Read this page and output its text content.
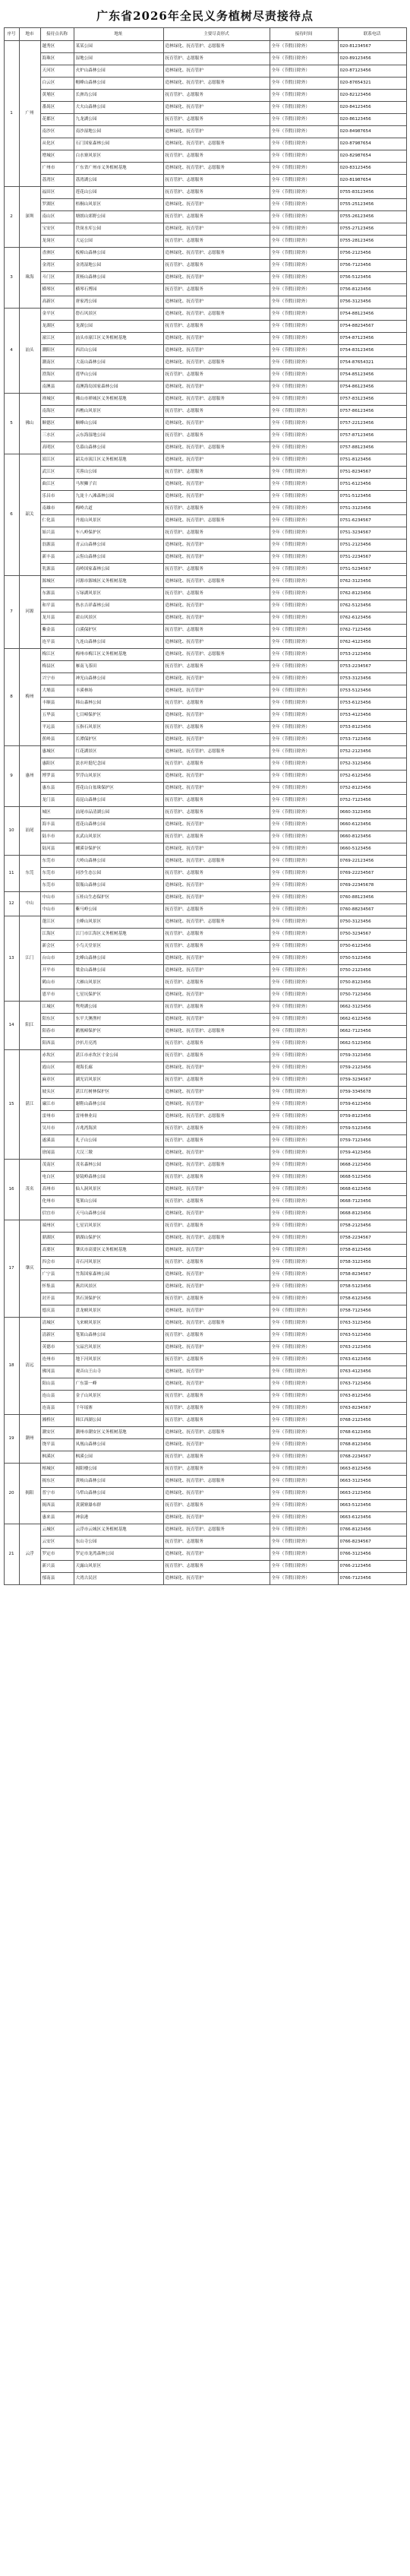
广东省2026年全民义务植树尽责接待点
序号	地市	接待点名称	地址	主要尽责形式	接待时间	联系电话
1	广州	越秀区	某某公园	造林绿化、抚育管护、志愿服务	全年（节假日除外）	020-81234567
		海珠区	湿地公园	抚育管护、志愿服务	全年（节假日除外）	020-89123456
		天河区	火炉山森林公园	造林绿化、抚育管护	全年（节假日除外）	020-87123456
		白云区	帽峰山森林公园	造林绿化、抚育管护、志愿服务	全年（节假日除外）	020-87654321
		黄埔区	长洲岛公园	抚育管护、志愿服务	全年（节假日除外）	020-82123456
		番禺区	大夫山森林公园	造林绿化、抚育管护	全年（节假日除外）	020-84123456
		花都区	九龙湖公园	抚育管护、志愿服务	全年（节假日除外）	020-86123456
		南沙区	南沙湿地公园	造林绿化、抚育管护	全年（节假日除外）	020-84987654
		从化区	石门国家森林公园	造林绿化、抚育管护、志愿服务	全年（节假日除外）	020-87987654
		增城区	白水寨风景区	抚育管护、志愿服务	全年（节假日除外）	020-82987654
		广州市	广东省广州市义务植树基地	造林绿化、抚育管护、志愿服务	全年（节假日除外）	020-83123456
		荔湾区	荔湾湖公园	抚育管护、志愿服务	全年（节假日除外）	020-81987654
2	深圳	福田区	莲花山公园	抚育管护、志愿服务	全年（节假日除外）	0755-83123456
		罗湖区	梧桐山风景区	造林绿化、抚育管护	全年（节假日除外）	0755-25123456
		南山区	塘朗山郊野公园	抚育管护、志愿服务	全年（节假日除外）	0755-26123456
		宝安区	铁岗水库公园	造林绿化、抚育管护	全年（节假日除外）	0755-27123456
		龙岗区	大运公园	抚育管护、志愿服务	全年（节假日除外）	0755-28123456
3	珠海	香洲区	板樟山森林公园	造林绿化、抚育管护、志愿服务	全年（节假日除外）	0756-2123456
		金湾区	金湾湿地公园	抚育管护、志愿服务	全年（节假日除外）	0756-7123456
		斗门区	黄杨山森林公园	造林绿化、抚育管护	全年（节假日除外）	0756-5123456
		横琴区	横琴石博园	抚育管护、志愿服务	全年（节假日除外）	0756-8123456
		高新区	唐家湾公园	造林绿化、抚育管护	全年（节假日除外）	0756-3123456
4	汕头	金平区	礐石风景区	造林绿化、抚育管护、志愿服务	全年（节假日除外）	0754-88123456
		龙湖区	龙湖公园	抚育管护、志愿服务	全年（节假日除外）	0754-88234567
		濠江区	汕头市濠江区义务植树基地	造林绿化、抚育管护	全年（节假日除外）	0754-87123456
		潮阳区	西岩山公园	造林绿化、抚育管护	全年（节假日除外）	0754-83123456
		潮南区	大南山森林公园	造林绿化、抚育管护、志愿服务	全年（节假日除外）	0754-87654321
		澄海区	莲华山公园	抚育管护、志愿服务	全年（节假日除外）	0754-85123456
		南澳县	南澳海岛国家森林公园	造林绿化、抚育管护	全年（节假日除外）	0754-86123456
5	佛山	禅城区	佛山市禅城区义务植树基地	造林绿化、抚育管护、志愿服务	全年（节假日除外）	0757-83123456
		南海区	西樵山风景区	抚育管护、志愿服务	全年（节假日除外）	0757-86123456
		顺德区	顺峰山公园	造林绿化、抚育管护	全年（节假日除外）	0757-22123456
		三水区	云东海湿地公园	抚育管护、志愿服务	全年（节假日除外）	0757-87123456
		高明区	皂幕山森林公园	造林绿化、抚育管护、志愿服务	全年（节假日除外）	0757-88123456
6	韶关	浈江区	韶关市浈江区义务植树基地	造林绿化、抚育管护	全年（节假日除外）	0751-8123456
		武江区	芙蓉山公园	抚育管护、志愿服务	全年（节假日除外）	0751-8234567
		曲江区	马坝狮子岩	造林绿化、抚育管护	全年（节假日除外）	0751-6123456
		乐昌市	九泷十八滩森林公园	造林绿化、抚育管护	全年（节假日除外）	0751-5123456
		南雄市	梅岭古道	抚育管护、志愿服务	全年（节假日除外）	0751-3123456
		仁化县	丹霞山风景区	造林绿化、抚育管护、志愿服务	全年（节假日除外）	0751-6234567
		始兴县	车八岭保护区	抚育管护、志愿服务	全年（节假日除外）	0751-3234567
		翁源县	青云山森林公园	造林绿化、抚育管护	全年（节假日除外）	0751-2123456
		新丰县	云髻山森林公园	造林绿化、抚育管护	全年（节假日除外）	0751-2234567
		乳源县	南岭国家森林公园	抚育管护、志愿服务	全年（节假日除外）	0751-5234567
7	河源	源城区	河源市源城区义务植树基地	造林绿化、抚育管护、志愿服务	全年（节假日除外）	0762-3123456
		东源县	万绿湖风景区	抚育管护、志愿服务	全年（节假日除外）	0762-8123456
		和平县	热水吉祥森林公园	造林绿化、抚育管护	全年（节假日除外）	0762-5123456
		龙川县	霍山风景区	造林绿化、抚育管护	全年（节假日除外）	0762-6123456
		紫金县	白溪保护区	抚育管护、志愿服务	全年（节假日除外）	0762-7123456
		连平县	九连山森林公园	造林绿化、抚育管护	全年（节假日除外）	0762-4123456
8	梅州	梅江区	梅州市梅江区义务植树基地	造林绿化、抚育管护、志愿服务	全年（节假日除外）	0753-2123456
		梅县区	雁南飞茶田	抚育管护、志愿服务	全年（节假日除外）	0753-2234567
		兴宁市	神光山森林公园	造林绿化、抚育管护	全年（节假日除外）	0753-3123456
		大埔县	丰溪林场	造林绿化、抚育管护	全年（节假日除外）	0753-5123456
		丰顺县	韩山森林公园	抚育管护、志愿服务	全年（节假日除外）	0753-6123456
		五华县	七目嶂保护区	造林绿化、抚育管护	全年（节假日除外）	0753-4123456
		平远县	五指石风景区	抚育管护、志愿服务	全年（节假日除外）	0753-8123456
		蕉岭县	长潭保护区	造林绿化、抚育管护	全年（节假日除外）	0753-7123456
9	惠州	惠城区	红花湖景区	造林绿化、抚育管护、志愿服务	全年（节假日除外）	0752-2123456
		惠阳区	淡水叶挺纪念园	抚育管护、志愿服务	全年（节假日除外）	0752-3123456
		博罗县	罗浮山风景区	造林绿化、抚育管护	全年（节假日除外）	0752-6123456
		惠东县	莲花山白盆珠保护区	造林绿化、抚育管护	全年（节假日除外）	0752-8123456
		龙门县	南昆山森林公园	抚育管护、志愿服务	全年（节假日除外）	0752-7123456
10	汕尾	城区	汕尾市品清湖公园	抚育管护、志愿服务	全年（节假日除外）	0660-3123456
		海丰县	莲花山森林公园	造林绿化、抚育管护	全年（节假日除外）	0660-6123456
		陆丰市	玄武山风景区	抚育管护、志愿服务	全年（节假日除外）	0660-8123456
		陆河县	螺溪谷保护区	造林绿化、抚育管护	全年（节假日除外）	0660-5123456
11	东莞	东莞市	大岭山森林公园	造林绿化、抚育管护、志愿服务	全年（节假日除外）	0769-22123456
		东莞市	同沙生态公园	抚育管护、志愿服务	全年（节假日除外）	0769-22234567
		东莞市	银瓶山森林公园	造林绿化、抚育管护	全年（节假日除外）	0769-22345678
12	中山	中山市	五桂山生态保护区	造林绿化、抚育管护	全年（节假日除外）	0760-88123456
		中山市	紫马岭公园	抚育管护、志愿服务	全年（节假日除外）	0760-88234567
13	江门	蓬江区	圭峰山风景区	造林绿化、抚育管护、志愿服务	全年（节假日除外）	0750-3123456
		江海区	江门市江海区义务植树基地	抚育管护、志愿服务	全年（节假日除外）	0750-3234567
		新会区	小鸟天堂景区	抚育管护、志愿服务	全年（节假日除外）	0750-6123456
		台山市	北峰山森林公园	造林绿化、抚育管护	全年（节假日除外）	0750-5123456
		开平市	梁金山森林公园	造林绿化、抚育管护	全年（节假日除外）	0750-2123456
		鹤山市	大雁山风景区	抚育管护、志愿服务	全年（节假日除外）	0750-8123456
		恩平市	七星坑保护区	造林绿化、抚育管护	全年（节假日除外）	0750-7123456
14	阳江	江城区	鸳鸯湖公园	抚育管护、志愿服务	全年（节假日除外）	0662-3123456
		阳东区	东平大澳渔村	造林绿化、抚育管护	全年（节假日除外）	0662-6123456
		阳春市	鹅凰嶂保护区	造林绿化、抚育管护、志愿服务	全年（节假日除外）	0662-7123456
		阳西县	沙扒月亮湾	抚育管护、志愿服务	全年（节假日除外）	0662-5123456
15	湛江	赤坎区	湛江市赤坎区寸金公园	抚育管护、志愿服务	全年（节假日除外）	0759-3123456
		霞山区	观海长廊	造林绿化、抚育管护	全年（节假日除外）	0759-2123456
		麻章区	湖光岩风景区	抚育管护、志愿服务	全年（节假日除外）	0759-3234567
		坡头区	湛江红树林保护区	造林绿化、抚育管护	全年（节假日除外）	0759-3345678
		廉江市	谢鞋山森林公园	造林绿化、抚育管护	全年（节假日除外）	0759-6123456
		雷州市	雷州林业局	造林绿化、抚育管护、志愿服务	全年（节假日除外）	0759-8123456
		吴川市	吉兆湾海滨	抚育管护、志愿服务	全年（节假日除外）	0759-5123456
		遂溪县	孔子山公园	抚育管护、志愿服务	全年（节假日除外）	0759-7123456
		徐闻县	大汉三墩	造林绿化、抚育管护	全年（节假日除外）	0759-4123456
16	茂名	茂南区	茂名森林公园	造林绿化、抚育管护、志愿服务	全年（节假日除外）	0668-2123456
		电白区	晏镜岭森林公园	抚育管护、志愿服务	全年（节假日除外）	0668-5123456
		高州市	仙人洞风景区	造林绿化、抚育管护	全年（节假日除外）	0668-6123456
		化州市	笔架山公园	抚育管护、志愿服务	全年（节假日除外）	0668-7123456
		信宜市	天马山森林公园	造林绿化、抚育管护	全年（节假日除外）	0668-8123456
17	肇庆	端州区	七星岩风景区	抚育管护、志愿服务	全年（节假日除外）	0758-2123456
		鼎湖区	鼎湖山保护区	造林绿化、抚育管护、志愿服务	全年（节假日除外）	0758-2234567
		高要区	肇庆市高要区义务植树基地	造林绿化、抚育管护	全年（节假日除外）	0758-8123456
		四会市	奇石河风景区	抚育管护、志愿服务	全年（节假日除外）	0758-3123456
		广宁县	竹海国家森林公园	造林绿化、抚育管护	全年（节假日除外）	0758-8234567
		怀集县	燕岩风景区	造林绿化、抚育管护	全年（节假日除外）	0758-5123456
		封开县	黑石顶保护区	抚育管护、志愿服务	全年（节假日除外）	0758-6123456
		德庆县	盘龙峡风景区	造林绿化、抚育管护	全年（节假日除外）	0758-7123456
18	清远	清城区	飞来峡风景区	造林绿化、抚育管护、志愿服务	全年（节假日除外）	0763-3123456
		清新区	笔架山森林公园	抚育管护、志愿服务	全年（节假日除外）	0763-5123456
		英德市	宝晶宫风景区	造林绿化、抚育管护	全年（节假日除外）	0763-2123456
		连州市	地下河风景区	抚育管护、志愿服务	全年（节假日除外）	0763-6123456
		佛冈县	观音山王山寺	造林绿化、抚育管护	全年（节假日除外）	0763-4123456
		阳山县	广东第一峰	造林绿化、抚育管护	全年（节假日除外）	0763-7123456
		连山县	金子山风景区	抚育管护、志愿服务	全年（节假日除外）	0763-8123456
		连南县	千年瑶寨	抚育管护、志愿服务	全年（节假日除外）	0763-8234567
19	潮州	湘桥区	韩江西湖公园	抚育管护、志愿服务	全年（节假日除外）	0768-2123456
		潮安区	潮州市潮安区义务植树基地	造林绿化、抚育管护、志愿服务	全年（节假日除外）	0768-6123456
		饶平县	凤凰山森林公园	造林绿化、抚育管护	全年（节假日除外）	0768-8123456
		枫溪区	枫溪公园	抚育管护、志愿服务	全年（节假日除外）	0768-2234567
20	揭阳	榕城区	揭阳楼公园	抚育管护、志愿服务	全年（节假日除外）	0663-8123456
		揭东区	黄岐山森林公园	造林绿化、抚育管护、志愿服务	全年（节假日除外）	0663-3123456
		普宁市	乌犁山森林公园	造林绿化、抚育管护	全年（节假日除外）	0663-2123456
		揭西县	黄满寨瀑布群	抚育管护、志愿服务	全年（节假日除外）	0663-5123456
		惠来县	神泉港	造林绿化、抚育管护	全年（节假日除外）	0663-6123456
21	云浮	云城区	云浮市云城区义务植树基地	造林绿化、抚育管护、志愿服务	全年（节假日除外）	0766-8123456
		云安区	东山寺公园	抚育管护、志愿服务	全年（节假日除外）	0766-8234567
		罗定市	罗定市龙湾森林公园	造林绿化、抚育管护	全年（节假日除外）	0766-3123456
		新兴县	天露山风景区	抚育管护、志愿服务	全年（节假日除外）	0766-2123456
		郁南县	大湾古民居	造林绿化、抚育管护	全年（节假日除外）	0766-7123456
